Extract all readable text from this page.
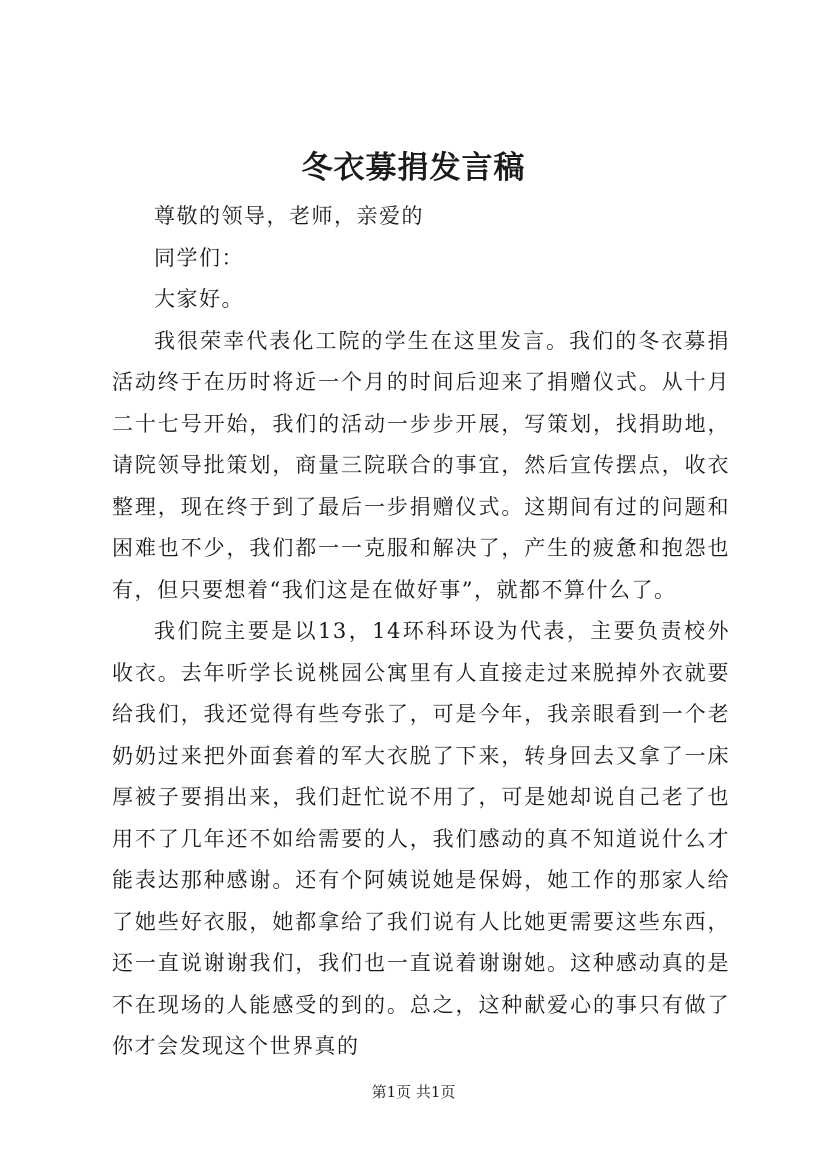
冬衣募捐发言稿

尊敬的领导，老师，亲爱的

同学们：

大家好。

我很荣幸代表化工院的学生在这里发言。我们的冬衣募捐活动终于在历时将近一个月的时间后迎来了捐赠仪式。从十月二十七号开始，我们的活动一步步开展，写策划，找捐助地，请院领导批策划，商量三院联合的事宜，然后宣传摆点，收衣整理，现在终于到了最后一步捐赠仪式。这期间有过的问题和困难也不少，我们都一一克服和解决了，产生的疲惫和抱怨也有，但只要想着“我们这是在做好事”，就都不算什么了。

我们院主要是以13，14环科环设为代表，主要负责校外收衣。去年听学长说桃园公寓里有人直接走过来脱掉外衣就要给我们，我还觉得有些夸张了，可是今年，我亲眼看到一个老奶奶过来把外面套着的军大衣脱了下来，转身回去又拿了一床厚被子要捐出来，我们赶忙说不用了，可是她却说自己老了也用不了几年还不如给需要的人，我们感动的真不知道说什么才能表达那种感谢。还有个阿姨说她是保姆，她工作的那家人给了她些好衣服，她都拿给了我们说有人比她更需要这些东西，还一直说谢谢我们，我们也一直说着谢谢她。这种感动真的是不在现场的人能感受的到的。总之，这种献爱心的事只有做了你才会发现这个世界真的

第1页 共1页
